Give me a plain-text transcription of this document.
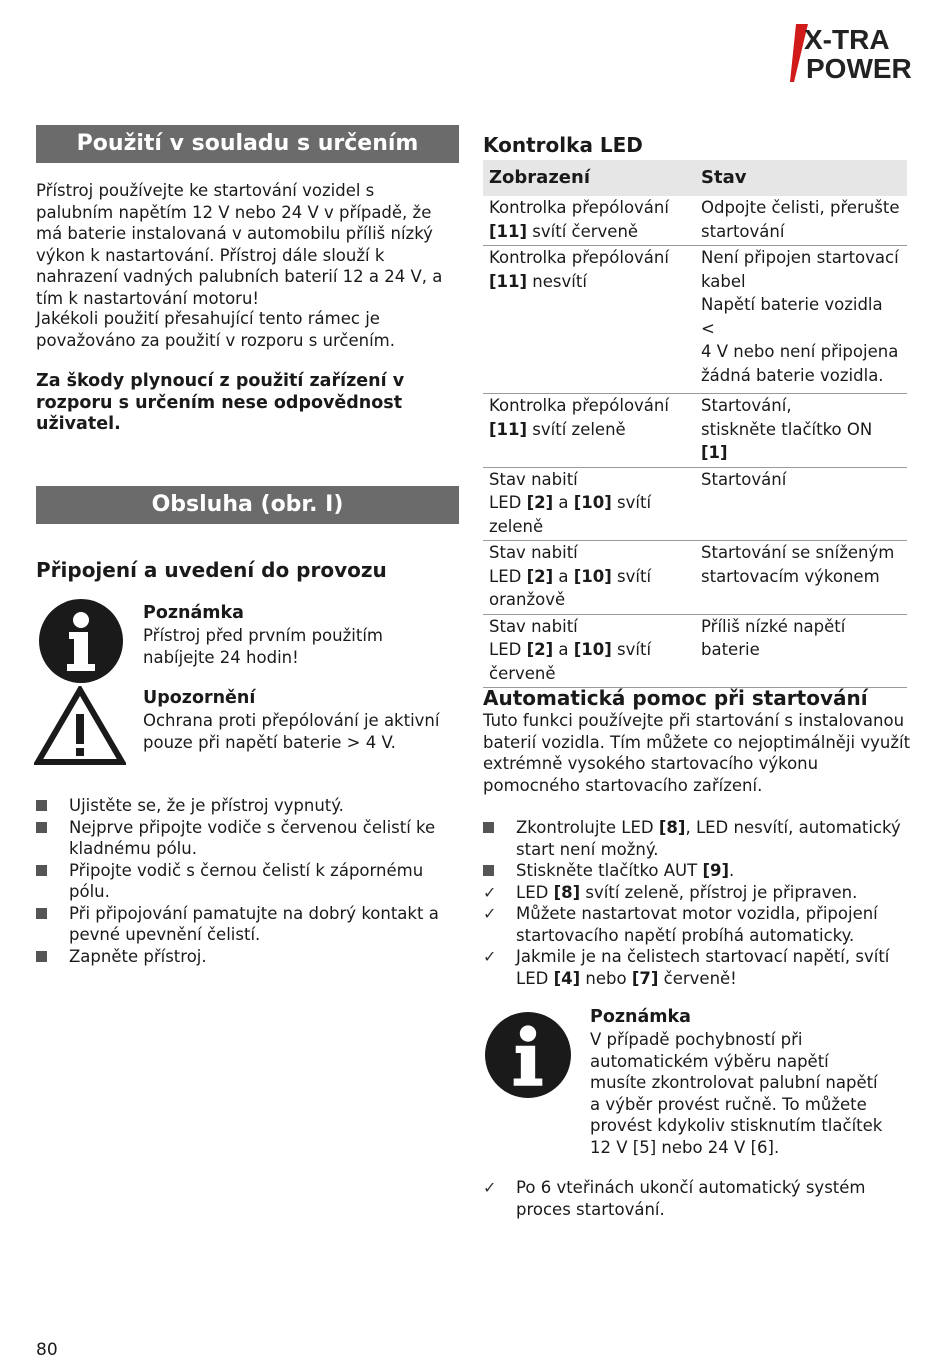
X-TRA
POWER
Použití v souladu s určením
Přístroj používejte ke startování vozidel s palubním napětím 12 V nebo 24 V v případě, že má baterie instalovaná v automobilu příliš nízký výkon k nastartování. Přístroj dále slouží k nahrazení vadných palubních baterií 12 a 24 V, a tím k nastartování motoru!
Jakékoli použití přesahující tento rámec je považováno za použití v rozporu s určením.
Za škody plynoucí z použití zařízení v rozporu s určením nese odpovědnost uživatel.
Obsluha (obr. I)
Připojení a uvedení do provozu
Poznámka
Přístroj před prvním použitím nabíjejte 24 hodin!
Upozornění
Ochrana proti přepólování je aktivní pouze při napětí baterie > 4 V.
Ujistěte se, že je přístroj vypnutý.
Nejprve připojte vodiče s červenou čelistí ke kladnému pólu.
Připojte vodič s černou čelistí k zápornému pólu.
Při připojování pamatujte na dobrý kontakt a pevné upevnění čelistí.
Zapněte přístroj.
Kontrolka LED
Zobrazení	Stav
Kontrolka přepólování
[11] svítí červeně	Odpojte čelisti, přerušte
startování
Kontrolka přepólování
[11] nesvítí	Není připojen startovací
kabel
Napětí baterie vozidla <
4 V nebo není připojena
žádná baterie vozidla.
Kontrolka přepólování
[11] svítí zeleně	Startování,
stiskněte tlačítko ON [1]
Stav nabití
LED [2] a [10] svítí
zeleně	Startování
Stav nabití
LED [2] a [10] svítí
oranžově	Startování se sníženým
startovacím výkonem
Stav nabití
LED [2] a [10] svítí
červeně	Příliš nízké napětí baterie
Automatická pomoc při startování
Tuto funkci používejte při startování s instalovanou baterií vozidla. Tím můžete co nejoptimálněji využít extrémně vysokého startovacího výkonu pomocného startovacího zařízení.
Zkontrolujte LED [8], LED nesvítí, automatický start není možný.
Stiskněte tlačítko AUT [9].
✓	LED [8] svítí zeleně, přístroj je připraven.
✓	Můžete nastartovat motor vozidla, připojení startovacího napětí probíhá automaticky.
✓	Jakmile je na čelistech startovací napětí, svítí LED [4] nebo [7] červeně!
Poznámka
V případě pochybností při automatickém výběru napětí musíte zkontrolovat palubní napětí a výběr provést ručně. To můžete provést kdykoliv stisknutím tlačítek 12 V [5] nebo 24 V [6].
✓	Po 6 vteřinách ukončí automatický systém proces startování.
80
